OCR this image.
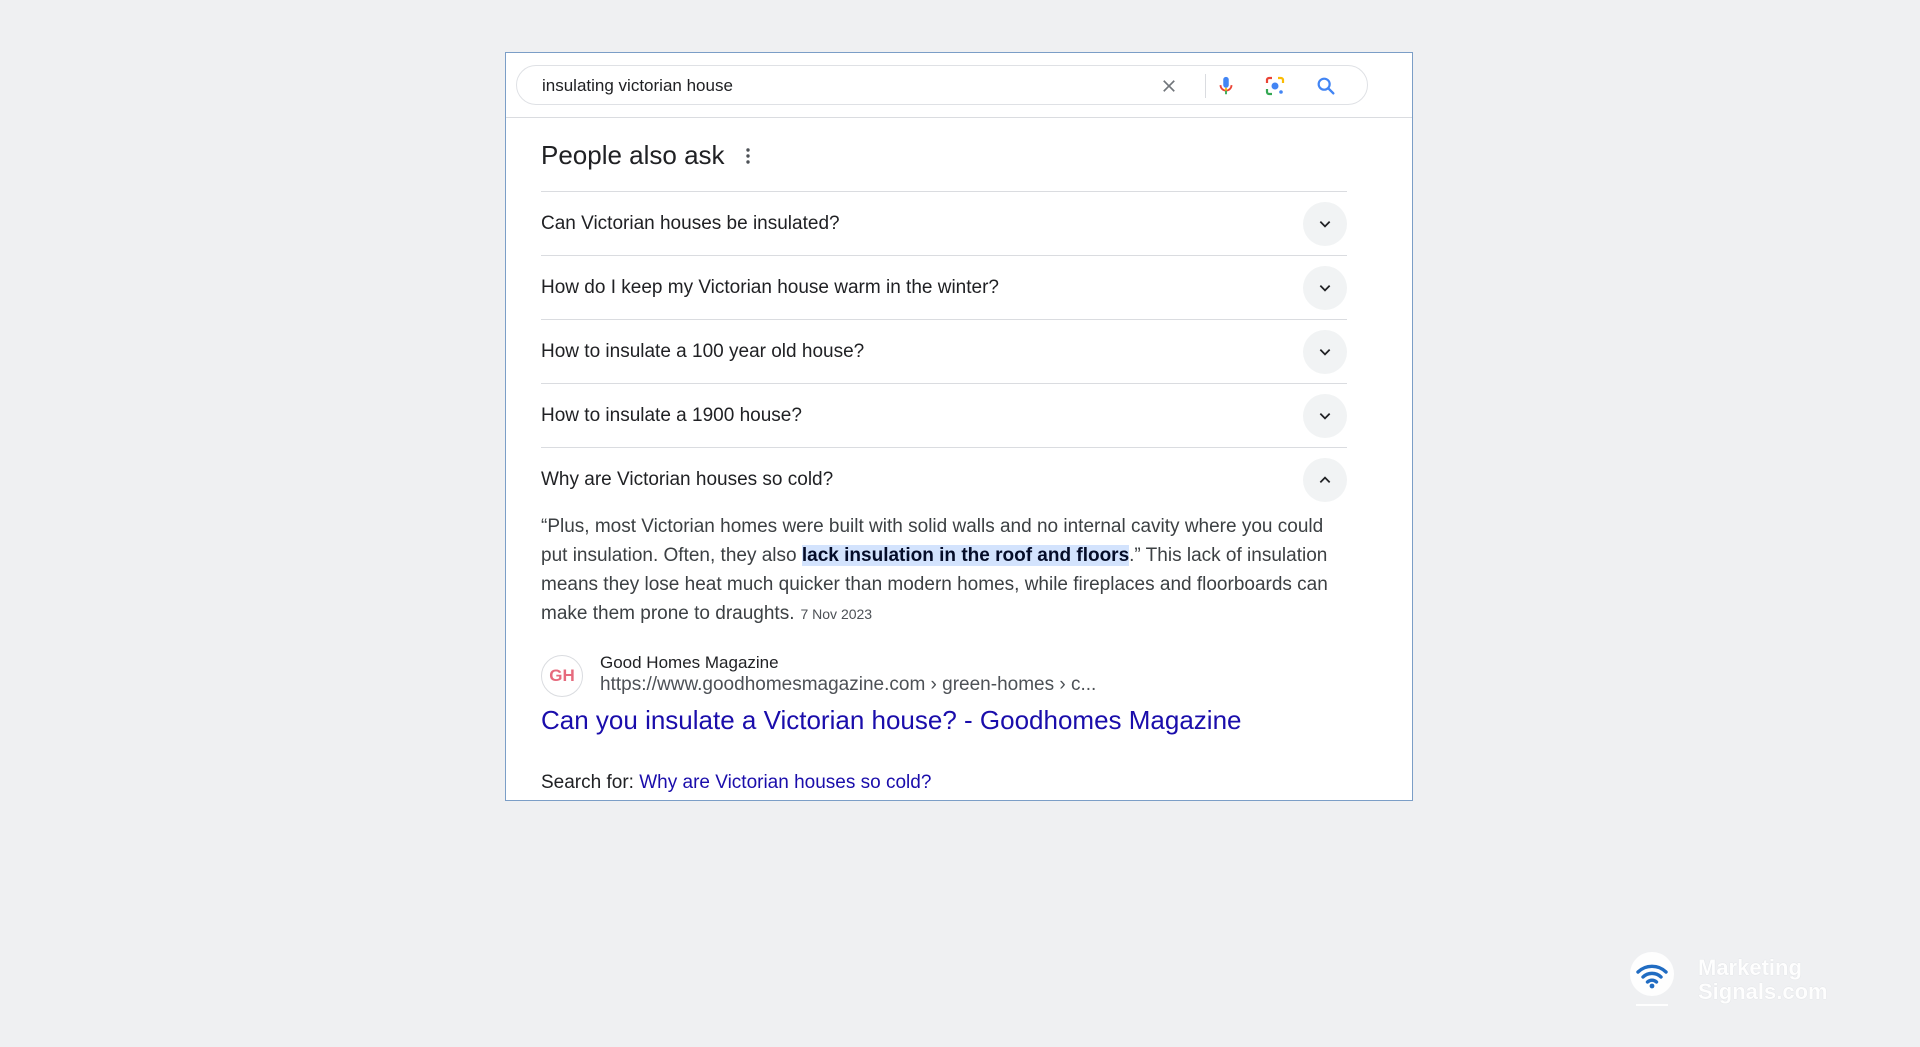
insulating victorian house
People also ask
Can Victorian houses be insulated?
How do I keep my Victorian house warm in the winter?
How to insulate a 100 year old house?
How to insulate a 1900 house?
Why are Victorian houses so cold?
“Plus, most Victorian homes were built with solid walls and no internal cavity where you could put insulation. Often, they also lack insulation in the roof and floors.” This lack of insulation means they lose heat much quicker than modern homes, while fireplaces and floorboards can make them prone to draughts. 7 Nov 2023
GH
Good Homes Magazine
https://www.goodhomesmagazine.com › green-homes › c...
Can you insulate a Victorian house? - Goodhomes Magazine
Search for: Why are Victorian houses so cold?
Marketing
Signals.com
